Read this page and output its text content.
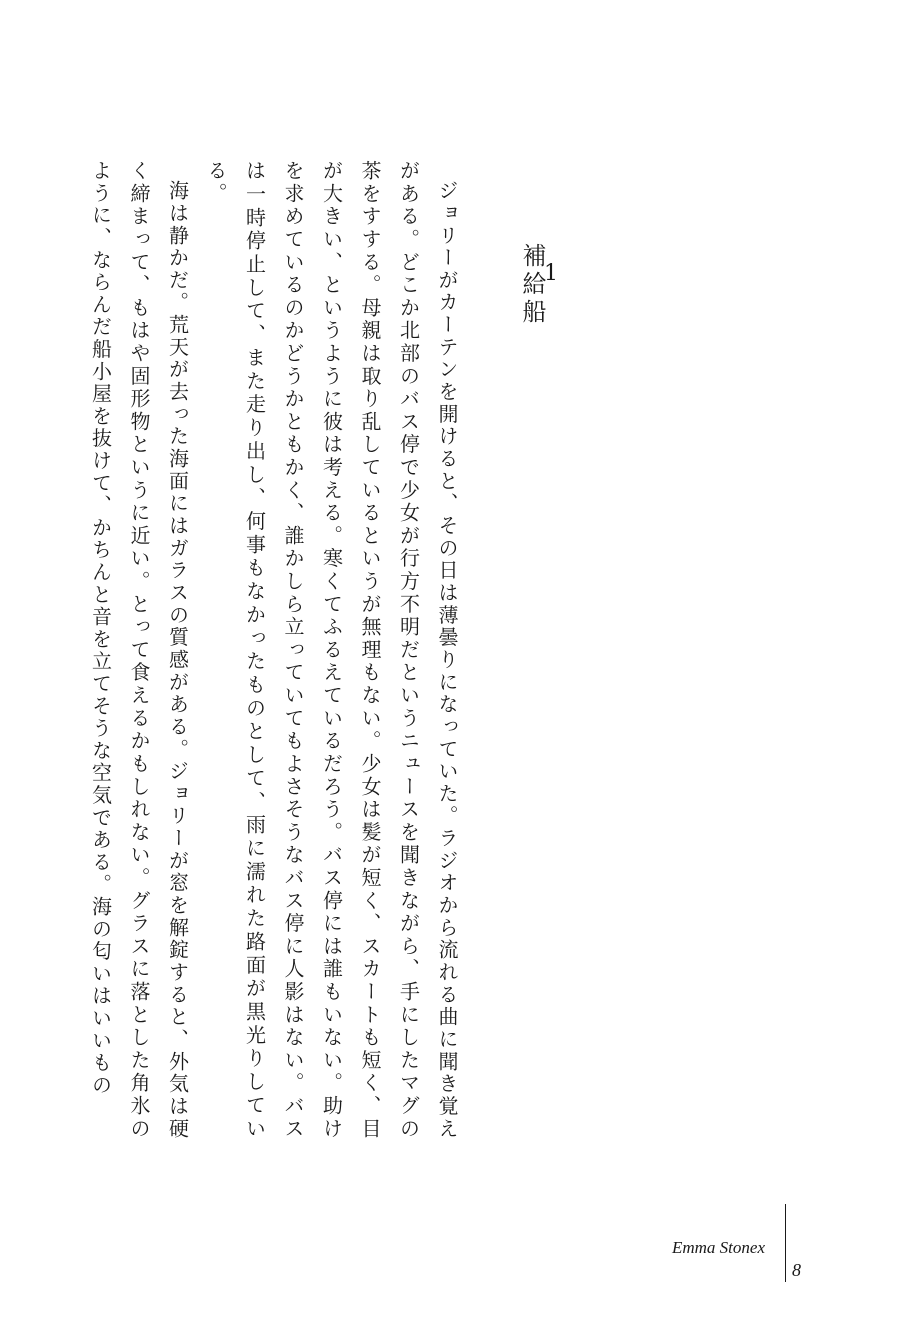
1
補給船

ジョリーがカーテンを開けると、その日は薄曇りになっていた。ラジオから流れる曲に聞き覚えがある。どこか北部のバス停で少女が行方不明だというニュースを聞きながら、手にしたマグの茶をすする。母親は取り乱しているというが無理もない。少女は髪が短く、スカートも短く、目が大きい、というように彼は考える。寒くてふるえているだろう。バス停には誰もいない。助けを求めているのかどうかともかく、誰かしら立っていてもよさそうなバス停に人影はない。バスは一時停止して、また走り出し、何事もなかったものとして、雨に濡れた路面が黒光りしている。

海は静かだ。荒天が去った海面にはガラスの質感がある。ジョリーが窓を解錠すると、外気は硬く締まって、もはや固形物というに近い。とって食えるかもしれない。グラスに落とした角氷のように、ならんだ船小屋を抜けて、かちんと音を立てそうな空気である。海の匂いはいいもの

Emma Stonex
8
